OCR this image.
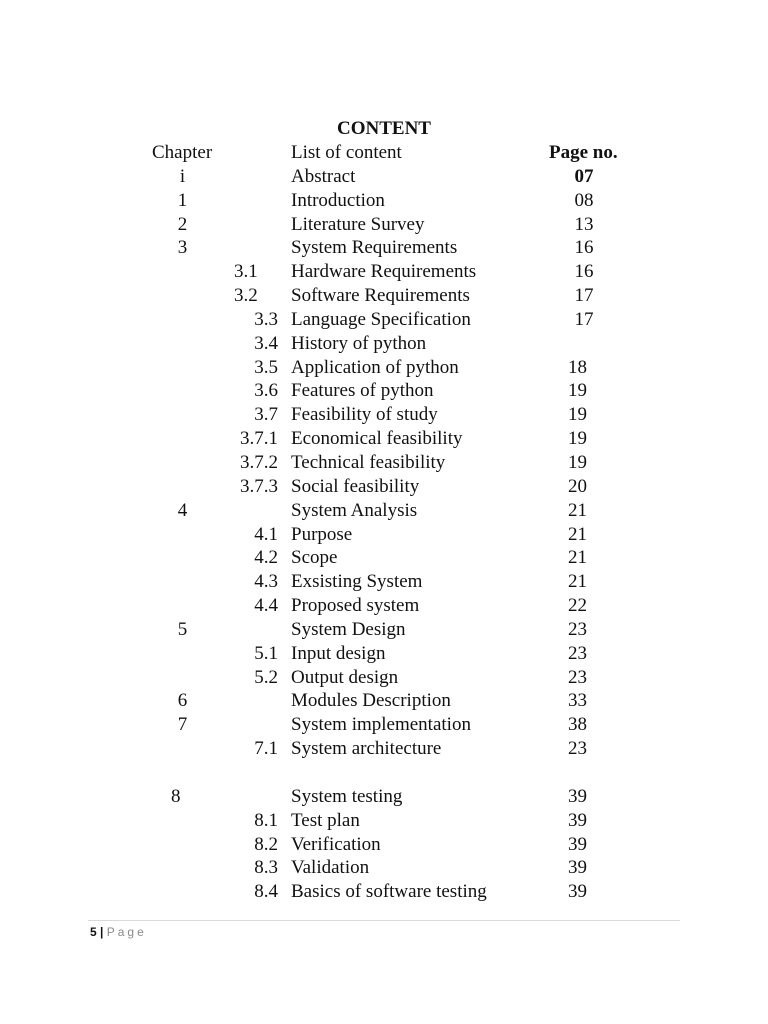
CONTENT
Chapter	List of content	Page no.
i	Abstract	07
1	Introduction	08
2	Literature Survey	13
3	System Requirements	16
3.1 Hardware Requirements	16
3.2 Software Requirements	17
3.3 Language Specification	17
3.4 History of python
3.5 Application of python	18
3.6 Features of python	19
3.7 Feasibility of study	19
3.7.1 Economical feasibility	19
3.7.2 Technical feasibility	19
3.7.3 Social feasibility	20
4	System Analysis	21
4.1 Purpose	21
4.2 Scope	21
4.3 Exsisting System	21
4.4 Proposed system	22
5	System Design	23
5.1 Input design	23
5.2 Output design	23
6	Modules Description	33
7	System implementation	38
7.1 System architecture	23
8	System testing	39
8.1 Test plan	39
8.2 Verification	39
8.3 Validation	39
8.4 Basics of software testing	39
5 | Page
